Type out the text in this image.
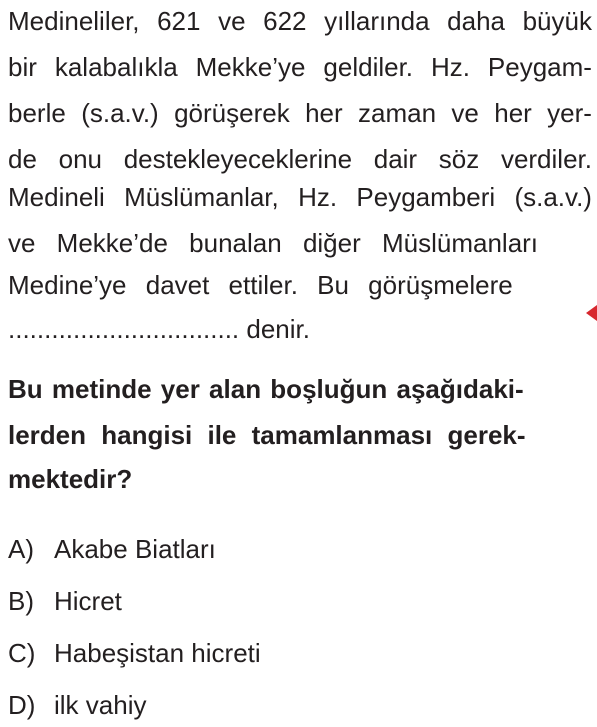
Medineliler, 621 ve 622 yıllarında daha büyük
bir kalabalıkla Mekke’ye geldiler. Hz. Peygam-
berle (s.a.v.) görüşerek her zaman ve her yer-
de onu destekleyeceklerine dair söz verdiler.
Medineli Müslümanlar, Hz. Peygamberi (s.a.v.)
ve Mekke’de bunalan diğer Müslümanları
Medine’ye davet ettiler. Bu görüşmelere
................................ denir.
Bu metinde yer alan boşluğun aşağıdaki-
lerden hangisi ile tamamlanması gerek-
mektedir?
A) Akabe Biatları
B) Hicret
C) Habeşistan hicreti
D) ilk vahiy
